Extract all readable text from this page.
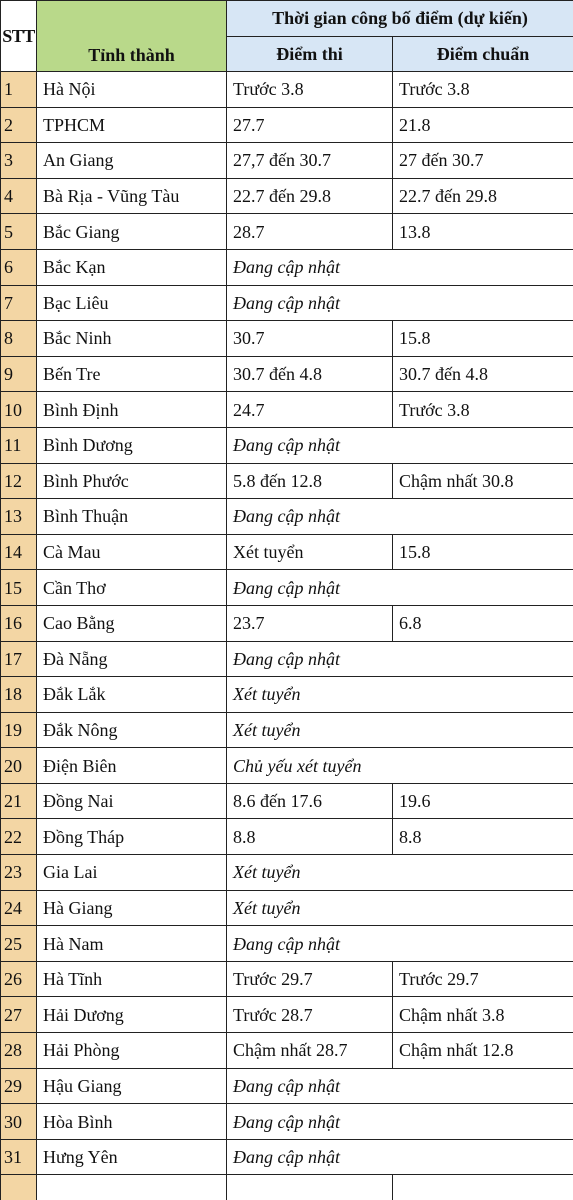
STT	Tỉnh thành	Thời gian công bố điểm (dự kiến)	
		Điểm thi	Điểm chuẩn
1	Hà Nội	Trước 3.8	Trước 3.8
2	TPHCM	27.7	21.8
3	An Giang	27,7 đến 30.7	27 đến 30.7
4	Bà Rịa - Vũng Tàu	22.7 đến 29.8	22.7 đến 29.8
5	Bắc Giang	28.7	13.8
6	Bắc Kạn	Đang cập nhật	
7	Bạc Liêu	Đang cập nhật	
8	Bắc Ninh	30.7	15.8
9	Bến Tre	30.7 đến 4.8	30.7 đến 4.8
10	Bình Định	24.7	Trước 3.8
11	Bình Dương	Đang cập nhật	
12	Bình Phước	5.8 đến 12.8	Chậm nhất 30.8
13	Bình Thuận	Đang cập nhật	
14	Cà Mau	Xét tuyển	15.8
15	Cần Thơ	Đang cập nhật	
16	Cao Bằng	23.7	6.8
17	Đà Nẵng	Đang cập nhật	
18	Đắk Lắk	Xét tuyển	
19	Đắk Nông	Xét tuyển	
20	Điện Biên	Chủ yếu xét tuyển	
21	Đồng Nai	8.6 đến 17.6	19.6
22	Đồng Tháp	8.8	8.8
23	Gia Lai	Xét tuyển	
24	Hà Giang	Xét tuyển	
25	Hà Nam	Đang cập nhật	
26	Hà Tĩnh	Trước 29.7	Trước 29.7
27	Hải Dương	Trước 28.7	Chậm nhất 3.8
28	Hải Phòng	Chậm nhất 28.7	Chậm nhất 12.8
29	Hậu Giang	Đang cập nhật	
30	Hòa Bình	Đang cập nhật	
31	Hưng Yên	Đang cập nhật	
